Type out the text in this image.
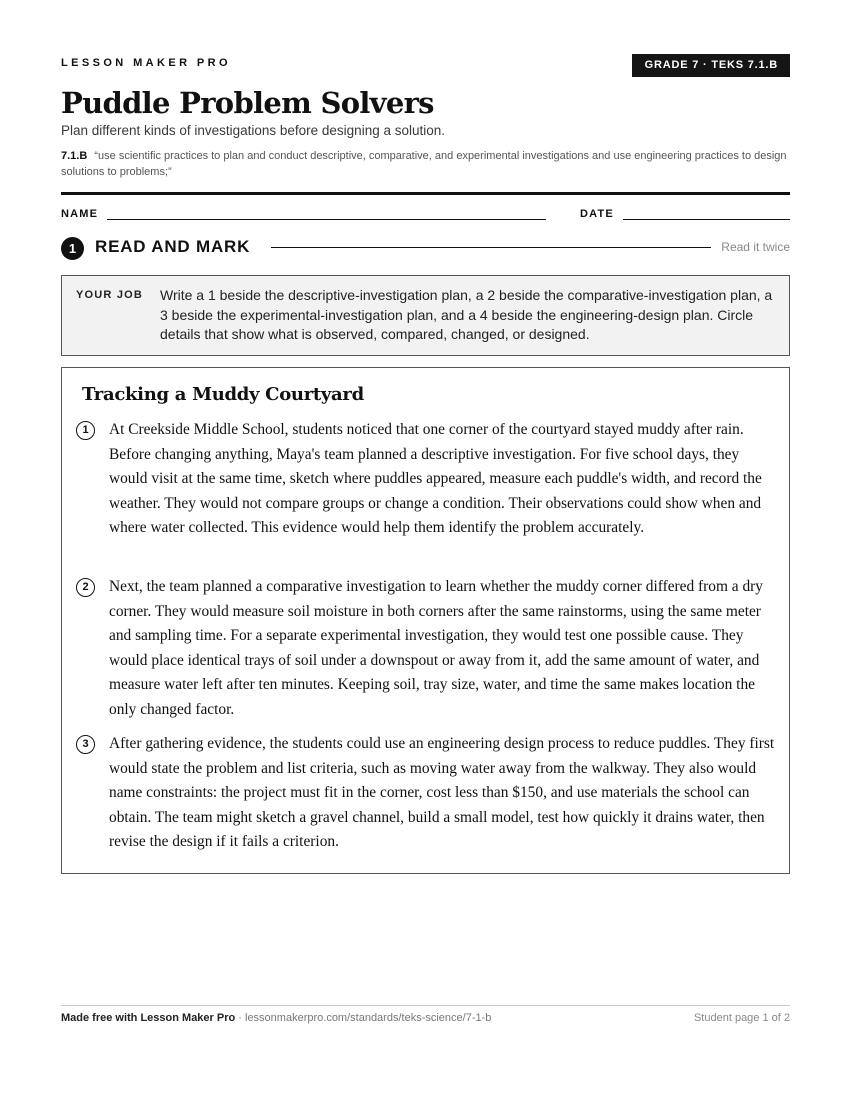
LESSON MAKER PRO	GRADE 7 · TEKS 7.1.B
Puddle Problem Solvers
Plan different kinds of investigations before designing a solution.
7.1.B “use scientific practices to plan and conduct descriptive, comparative, and experimental investigations and use engineering practices to design solutions to problems;”
NAME	DATE
1	READ AND MARK	Read it twice
YOUR JOB Write a 1 beside the descriptive-investigation plan, a 2 beside the comparative-investigation plan, a 3 beside the experimental-investigation plan, and a 4 beside the engineering-design plan. Circle details that show what is observed, compared, changed, or designed.
Tracking a Muddy Courtyard
1	At Creekside Middle School, students noticed that one corner of the courtyard stayed muddy after rain. Before changing anything, Maya's team planned a descriptive investigation. For five school days, they would visit at the same time, sketch where puddles appeared, measure each puddle's width, and record the weather. They would not compare groups or change a condition. Their observations could show when and where water collected. This evidence would help them identify the problem accurately.
2	Next, the team planned a comparative investigation to learn whether the muddy corner differed from a dry corner. They would measure soil moisture in both corners after the same rainstorms, using the same meter and sampling time. For a separate experimental investigation, they would test one possible cause. They would place identical trays of soil under a downspout or away from it, add the same amount of water, and measure water left after ten minutes. Keeping soil, tray size, water, and time the same makes location the only changed factor.
3	After gathering evidence, the students could use an engineering design process to reduce puddles. They first would state the problem and list criteria, such as moving water away from the walkway. They also would name constraints: the project must fit in the corner, cost less than $150, and use materials the school can obtain. The team might sketch a gravel channel, build a small model, test how quickly it drains water, then revise the design if it fails a criterion.
Made free with Lesson Maker Pro · lessonmakerpro.com/standards/teks-science/7-1-b	Student page 1 of 2
